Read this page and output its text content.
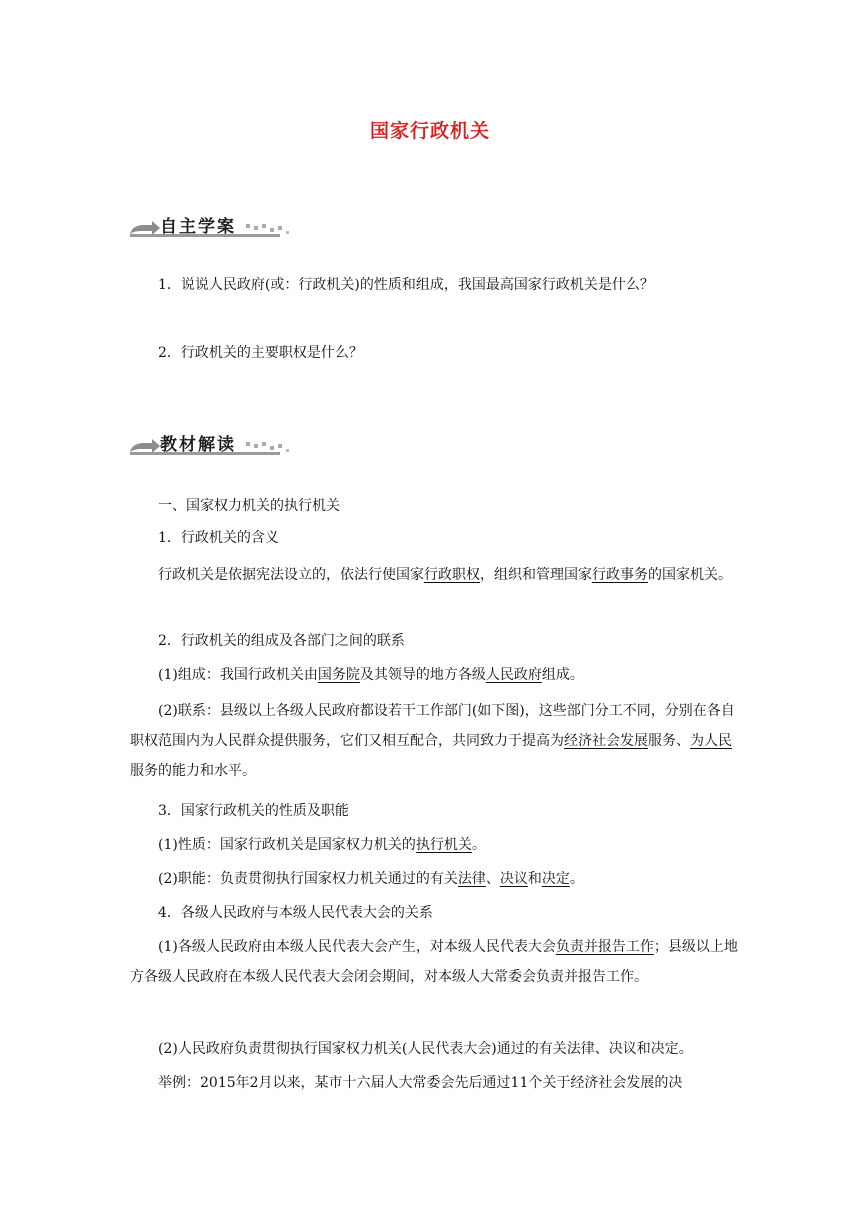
国家行政机关
自主学案

1．说说人民政府(或：行政机关)的性质和组成，我国最高国家行政机关是什么？

2．行政机关的主要职权是什么？

教材解读

一、国家权力机关的执行机关

1．行政机关的含义

行政机关是依据宪法设立的，依法行使国家行政职权，组织和管理国家行政事务的国家机关。

2．行政机关的组成及各部门之间的联系

(1)组成：我国行政机关由国务院及其领导的地方各级人民政府组成。

(2)联系：县级以上各级人民政府都设若干工作部门(如下图)，这些部门分工不同，分别在各自职权范围内为人民群众提供服务，它们又相互配合，共同致力于提高为经济社会发展服务、为人民服务的能力和水平。

3．国家行政机关的性质及职能

(1)性质：国家行政机关是国家权力机关的执行机关。

(2)职能：负责贯彻执行国家权力机关通过的有关法律、决议和决定。

4．各级人民政府与本级人民代表大会的关系

(1)各级人民政府由本级人民代表大会产生，对本级人民代表大会负责并报告工作；县级以上地方各级人民政府在本级人民代表大会闭会期间，对本级人大常委会负责并报告工作。

(2)人民政府负责贯彻执行国家权力机关(人民代表大会)通过的有关法律、决议和决定。

举例：2015年2月以来，某市十六届人大常委会先后通过11个关于经济社会发展的决
